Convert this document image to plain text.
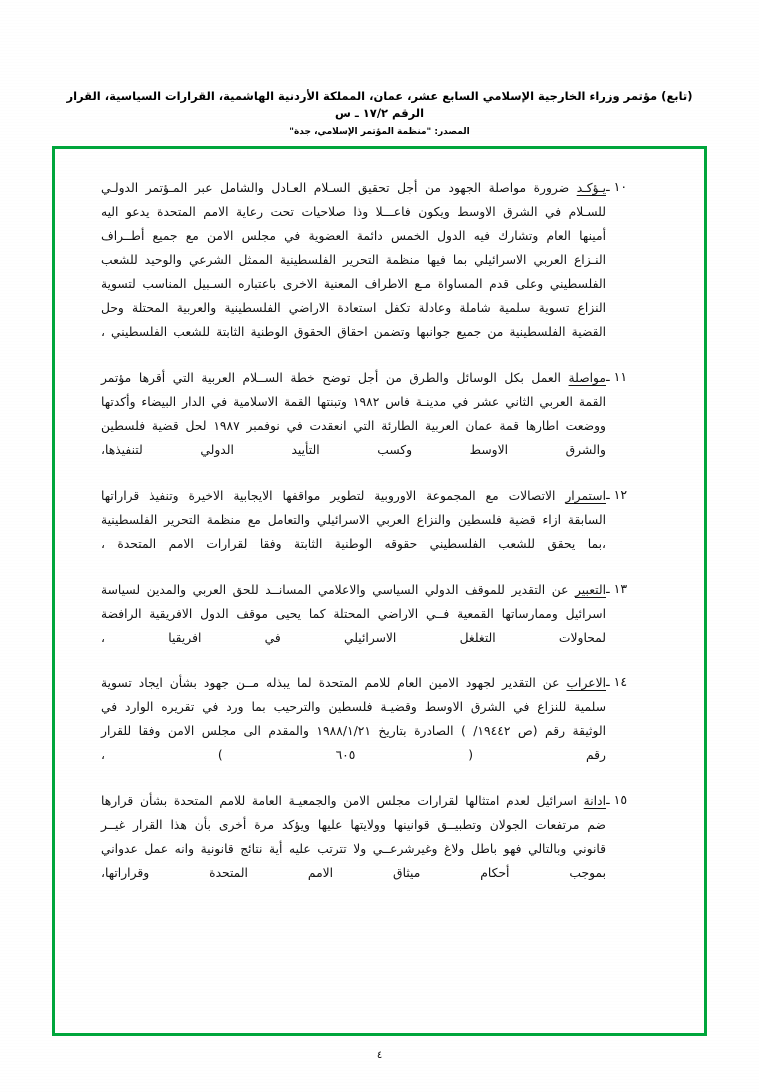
(تابع) مؤتمر وزراء الخارجية الإسلامي السابع عشر، عمان، المملكة الأردنية الهاشمية، القرارات السياسية، القرار الرقم ١٧/٢ ـ س
المصدر: "منظمة المؤتمر الإسلامي، جدة"
١٠ ـ
يـؤكـد ضرورة مواصلة الجهود من أجل تحقيق السـلام العـادل والشامل عبر المـؤتمر الدولـي للسـلام في الشرق الاوسط ويكون فاعـــلا وذا صلاحيات تحت رعاية الامم المتحدة يدعو اليه أمينها العام وتشارك فيه الدول الخمس دائمة العضوية في مجلس الامن مع جميع أطــراف النـزاع العربي الاسرائيلي بما فيها منظمة التحرير الفلسطينية الممثل الشرعي والوحيد للشعب الفلسطيني وعلى قدم المساواة مـع الاطراف المعنية الاخرى باعتباره السـبيل المناسب لتسوية النزاع تسوية سلمية شاملة وعادلة تكفل استعادة الاراضي الفلسطينية والعربية المحتلة وحل القضية الفلسطينية من جميع جوانبها وتضمن احقاق الحقوق الوطنية الثابتة للشعب الفلسطيني ،
١١ ـ
مواصلة العمل بكل الوسائل والطرق من أجل توضح خطة الســلام العربية التي أقرها مؤتمر القمة العربي الثاني عشر في مدينـة فاس ١٩٨٢ وتبنتها القمة الاسلامية في الدار البيضاء وأكدتها ووضعت اطارها قمة عمان العربية الطارئة التي انعقدت في نوفمبر ١٩٨٧ لحل قضية فلسطين والشرق الاوسط وكسب التأييد الدولي لتنفيذها،
١٢ ـ
استمرار الاتصالات مع المجموعة الاوروبية لتطوير مواقفها الايجابية الاخيرة وتنفيذ قراراتها السابقة ازاء قضية فلسطين والنزاع العربي الاسرائيلي والتعامل مع منظمة التحرير الفلسطينية ،بما يحقق للشعب الفلسطيني حقوقه الوطنية الثابتة وفقا لقرارات الامم المتحدة ،
١٣ ـ
التعبير عن التقدير للموقف الدولي السياسي والاعلامي المسانــد للحق العربي والمدين لسياسة اسرائيل وممارساتها القمعية فــي الاراضي المحتلة كما يحيى موقف الدول الافريقية الرافضة لمحاولات التغلغل الاسرائيلي في افريقيا ،
١٤ ـ
الاعراب عن التقدير لجهود الامين العام للامم المتحدة لما يبذله مــن جهود بشأن ايجاد تسوية سلمية للنزاع في الشرق الاوسط وقضيـة فلسطين والترحيب بما ورد في تقريره الوارد في الوثيقة رقم (ص ١٩٤٤٢/ ) الصادرة بتاريخ ١٩٨٨/١/٢١ والمقدم الى مجلس الامن وفقا للقرار رقم ( ٦٠٥ ) ،
١٥ ـ
ادانة اسرائيل لعدم امتثالها لقرارات مجلس الامن والجمعيـة العامة للامم المتحدة بشأن قرارها ضم مرتفعات الجولان وتطبيــق قوانينها وولايتها عليها ويؤكد مرة أخرى بأن هذا القرار غيــر قانوني وبالتالي فهو باطل ولاغ وغيرشرعــي ولا تترتب عليه أية نتائج قانونية وانه عمل عدواني بموجب أحكام ميثاق الامم المتحدة وقراراتها،
٤
